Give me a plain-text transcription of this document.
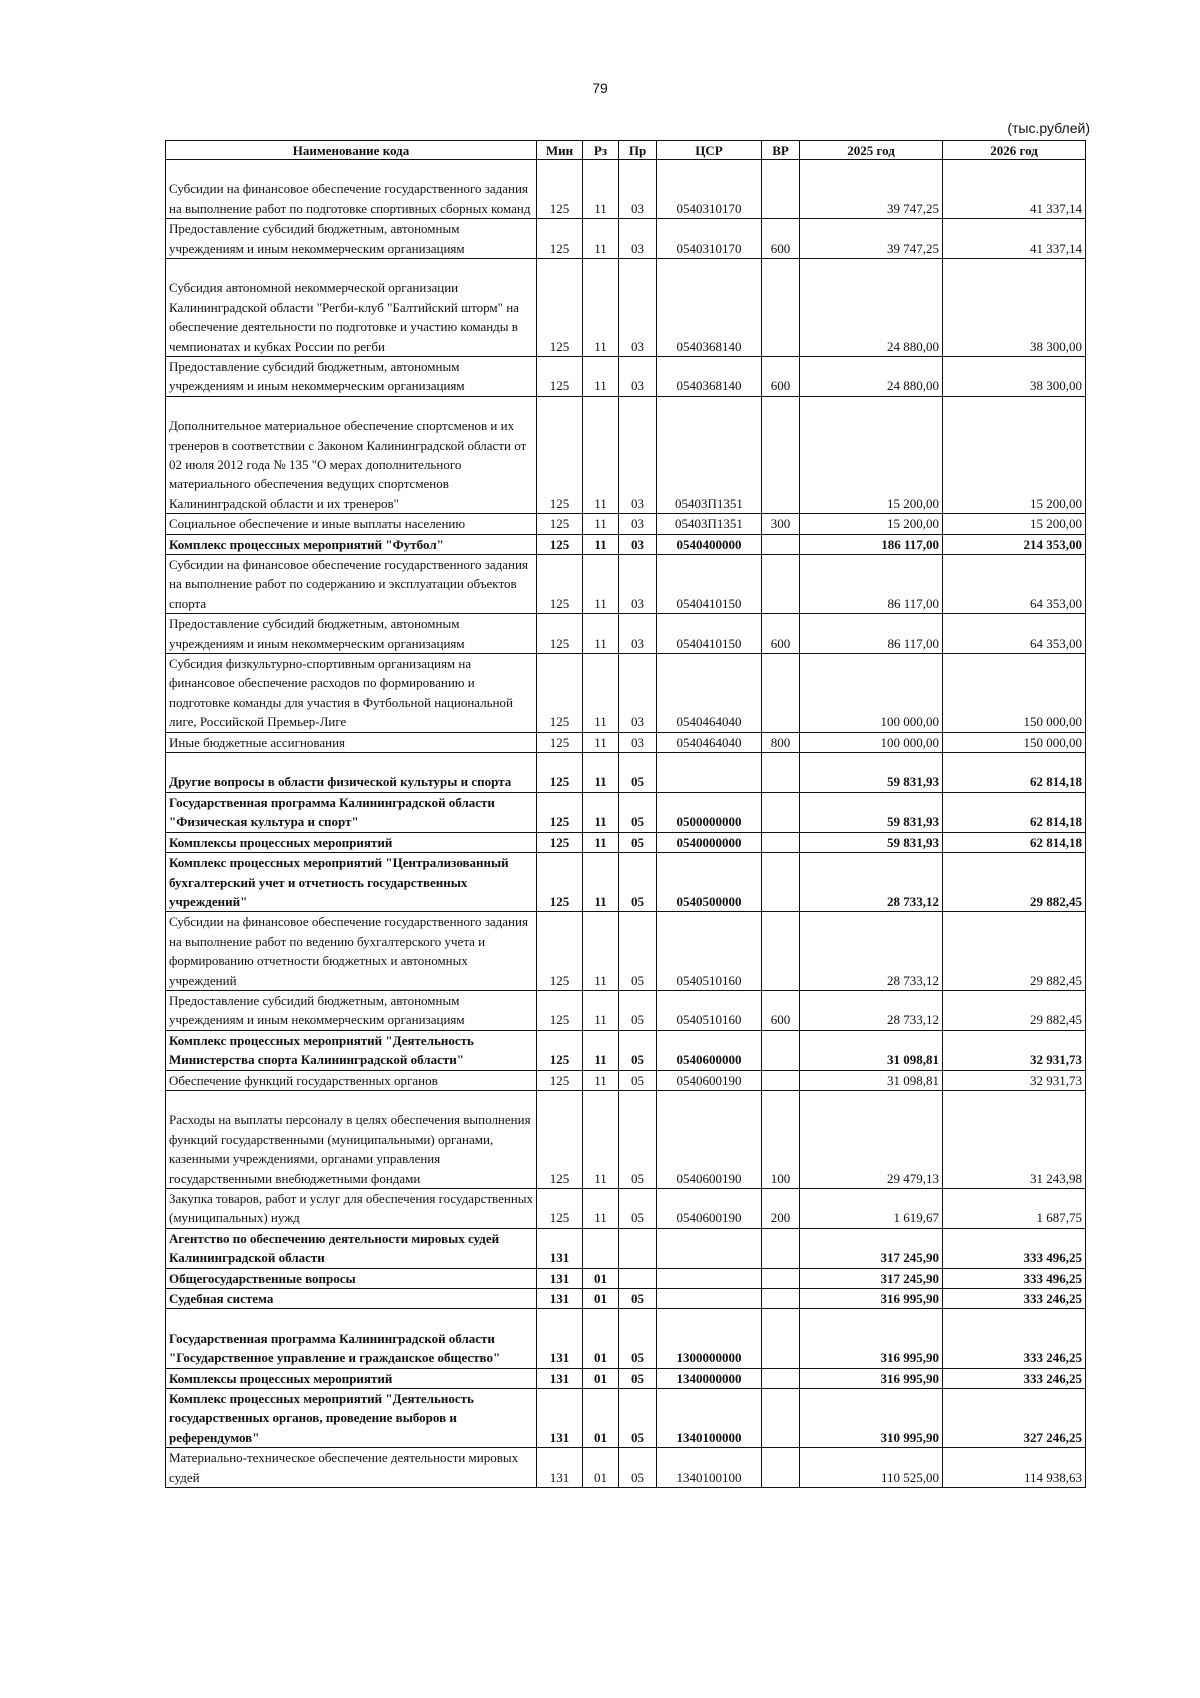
79
(тыс.рублей)
Наименование кода	Мин	Рз	Пр	ЦСР	ВР	2025 год	2026 год
Субсидии на финансовое обеспечение государственного задания на выполнение работ по подготовке спортивных сборных команд	125	11	03	0540310170		39 747,25	41 337,14
Предоставление субсидий бюджетным, автономным учреждениям и иным некоммерческим организациям	125	11	03	0540310170	600	39 747,25	41 337,14
Субсидия автономной некоммерческой организации Калининградской области "Регби-клуб "Балтийский шторм" на обеспечение деятельности по подготовке и участию команды в чемпионатах и кубках России по регби	125	11	03	0540368140		24 880,00	38 300,00
Предоставление субсидий бюджетным, автономным учреждениям и иным некоммерческим организациям	125	11	03	0540368140	600	24 880,00	38 300,00
Дополнительное материальное обеспечение спортсменов и их тренеров в соответствии с Законом Калининградской области от 02 июля 2012 года № 135 "О мерах дополнительного материального обеспечения ведущих спортсменов Калининградской области и их тренеров"	125	11	03	05403П1351		15 200,00	15 200,00
Социальное обеспечение и иные выплаты населению	125	11	03	05403П1351	300	15 200,00	15 200,00
Комплекс процессных мероприятий "Футбол"	125	11	03	0540400000		186 117,00	214 353,00
Субсидии на финансовое обеспечение государственного задания на выполнение работ по содержанию и эксплуатации объектов спорта	125	11	03	0540410150		86 117,00	64 353,00
Предоставление субсидий бюджетным, автономным учреждениям и иным некоммерческим организациям	125	11	03	0540410150	600	86 117,00	64 353,00
Субсидия физкультурно-спортивным организациям на финансовое обеспечение расходов по формированию и подготовке команды для участия в Футбольной национальной лиге, Российской Премьер-Лиге	125	11	03	0540464040		100 000,00	150 000,00
Иные бюджетные ассигнования	125	11	03	0540464040	800	100 000,00	150 000,00
Другие вопросы в области физической культуры и спорта	125	11	05			59 831,93	62 814,18
Государственная программа Калининградской области "Физическая культура и спорт"	125	11	05	0500000000		59 831,93	62 814,18
Комплексы процессных мероприятий	125	11	05	0540000000		59 831,93	62 814,18
Комплекс процессных мероприятий "Централизованный бухгалтерский учет и отчетность государственных учреждений"	125	11	05	0540500000		28 733,12	29 882,45
Субсидии на финансовое обеспечение государственного задания на выполнение работ по ведению бухгалтерского учета и формированию отчетности бюджетных и автономных учреждений	125	11	05	0540510160		28 733,12	29 882,45
Предоставление субсидий бюджетным, автономным учреждениям и иным некоммерческим организациям	125	11	05	0540510160	600	28 733,12	29 882,45
Комплекс процессных мероприятий "Деятельность Министерства спорта Калининградской области"	125	11	05	0540600000		31 098,81	32 931,73
Обеспечение функций государственных органов	125	11	05	0540600190		31 098,81	32 931,73
Расходы на выплаты персоналу в целях обеспечения выполнения функций государственными (муниципальными) органами, казенными учреждениями, органами управления государственными внебюджетными фондами	125	11	05	0540600190	100	29 479,13	31 243,98
Закупка товаров, работ и услуг для обеспечения государственных (муниципальных) нужд	125	11	05	0540600190	200	1 619,67	1 687,75
Агентство по обеспечению деятельности мировых судей Калининградской области	131					317 245,90	333 496,25
Общегосударственные вопросы	131	01				317 245,90	333 496,25
Судебная система	131	01	05			316 995,90	333 246,25
Государственная программа Калининградской области "Государственное управление и гражданское общество"	131	01	05	1300000000		316 995,90	333 246,25
Комплексы процессных мероприятий	131	01	05	1340000000		316 995,90	333 246,25
Комплекс процессных мероприятий "Деятельность государственных органов, проведение выборов и референдумов"	131	01	05	1340100000		310 995,90	327 246,25
Материально-техническое обеспечение деятельности мировых судей	131	01	05	1340100100		110 525,00	114 938,63
